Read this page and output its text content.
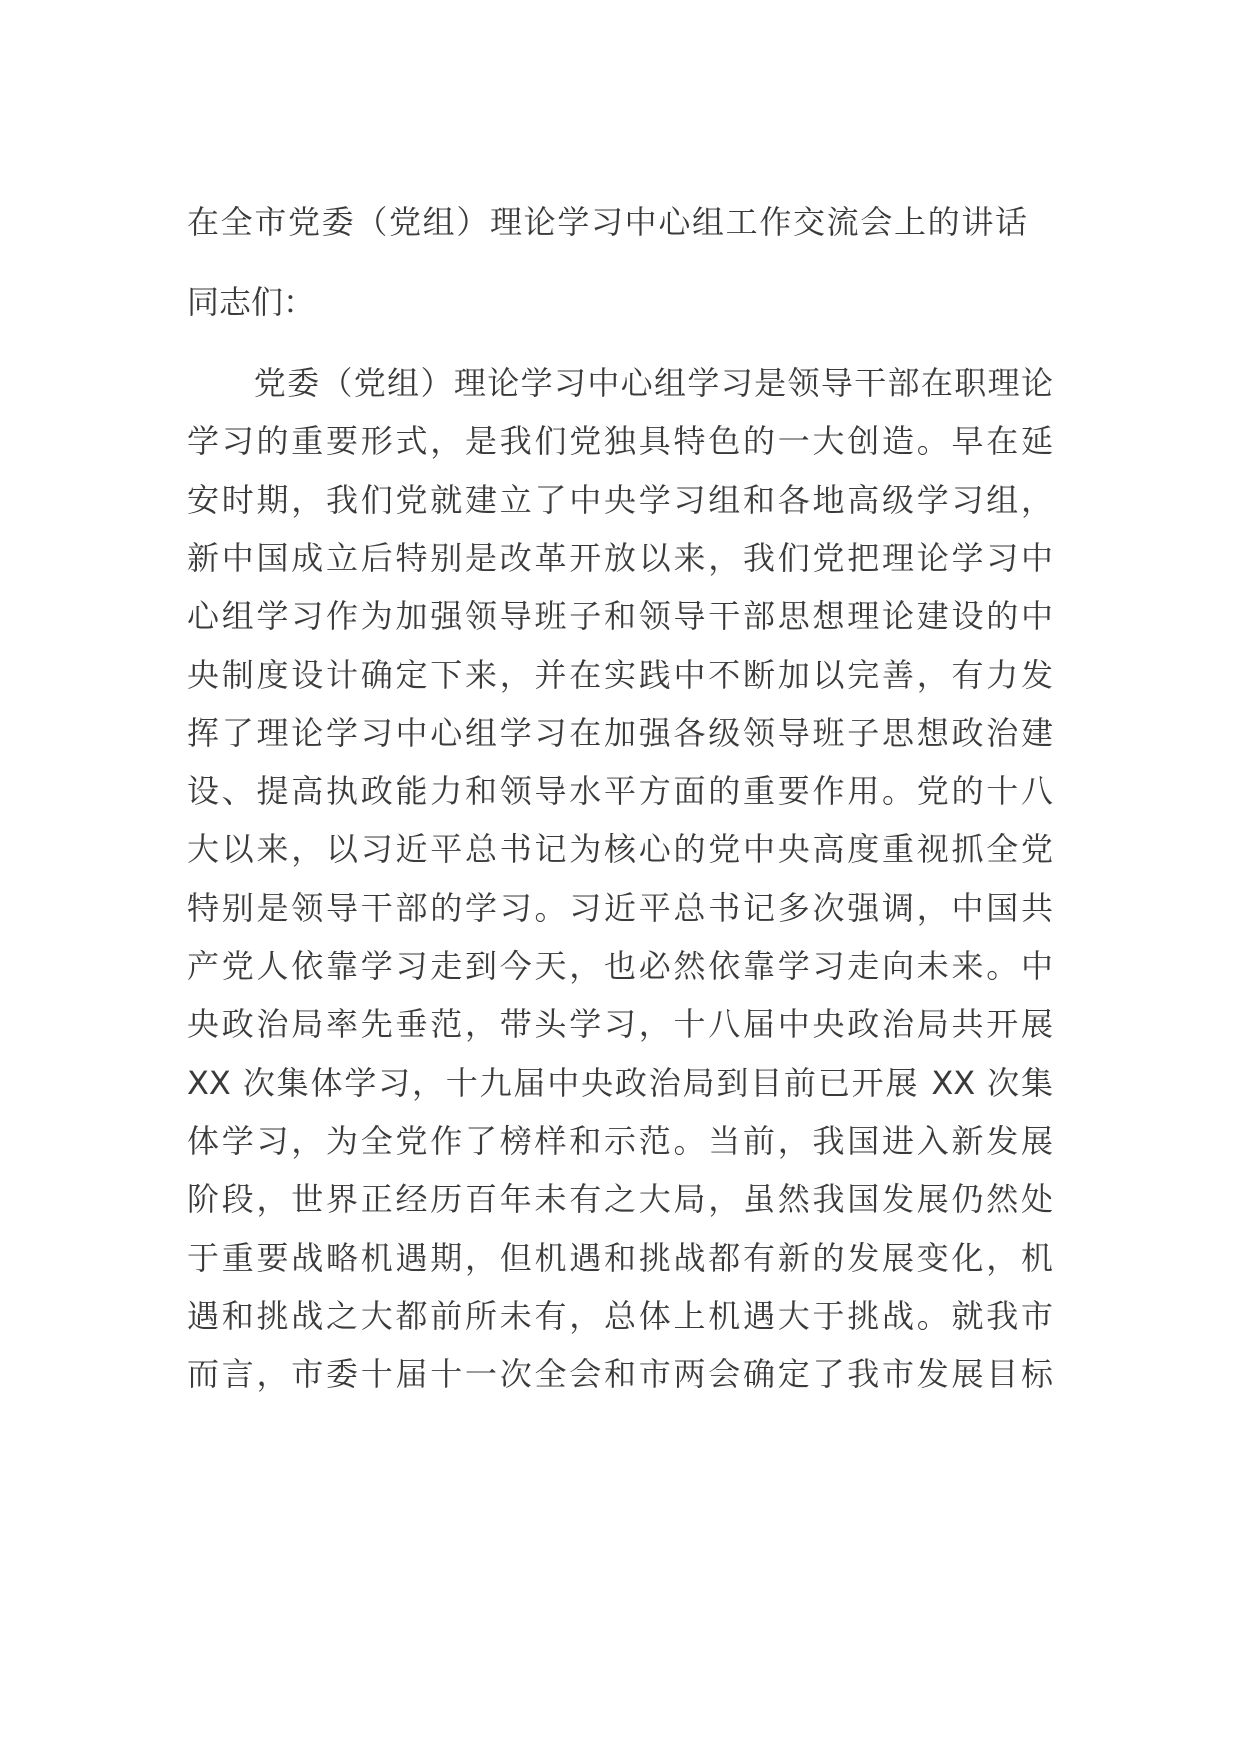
在全市党委（党组）理论学习中心组工作交流会上的讲话
同志们：
　　党委（党组）理论学习中心组学习是领导干部在职理论
学习的重要形式，是我们党独具特色的一大创造。早在延
安时期，我们党就建立了中央学习组和各地高级学习组，
新中国成立后特别是改革开放以来，我们党把理论学习中
心组学习作为加强领导班子和领导干部思想理论建设的中
央制度设计确定下来，并在实践中不断加以完善，有力发
挥了理论学习中心组学习在加强各级领导班子思想政治建
设、提高执政能力和领导水平方面的重要作用。党的十八
大以来，以习近平总书记为核心的党中央高度重视抓全党
特别是领导干部的学习。习近平总书记多次强调，中国共
产党人依靠学习走到今天，也必然依靠学习走向未来。中
央政治局率先垂范，带头学习，十八届中央政治局共开展
XX 次集体学习，十九届中央政治局到目前已开展 XX 次集
体学习，为全党作了榜样和示范。当前，我国进入新发展
阶段，世界正经历百年未有之大局，虽然我国发展仍然处
于重要战略机遇期，但机遇和挑战都有新的发展变化，机
遇和挑战之大都前所未有，总体上机遇大于挑战。就我市
而言，市委十届十一次全会和市两会确定了我市发展目标
